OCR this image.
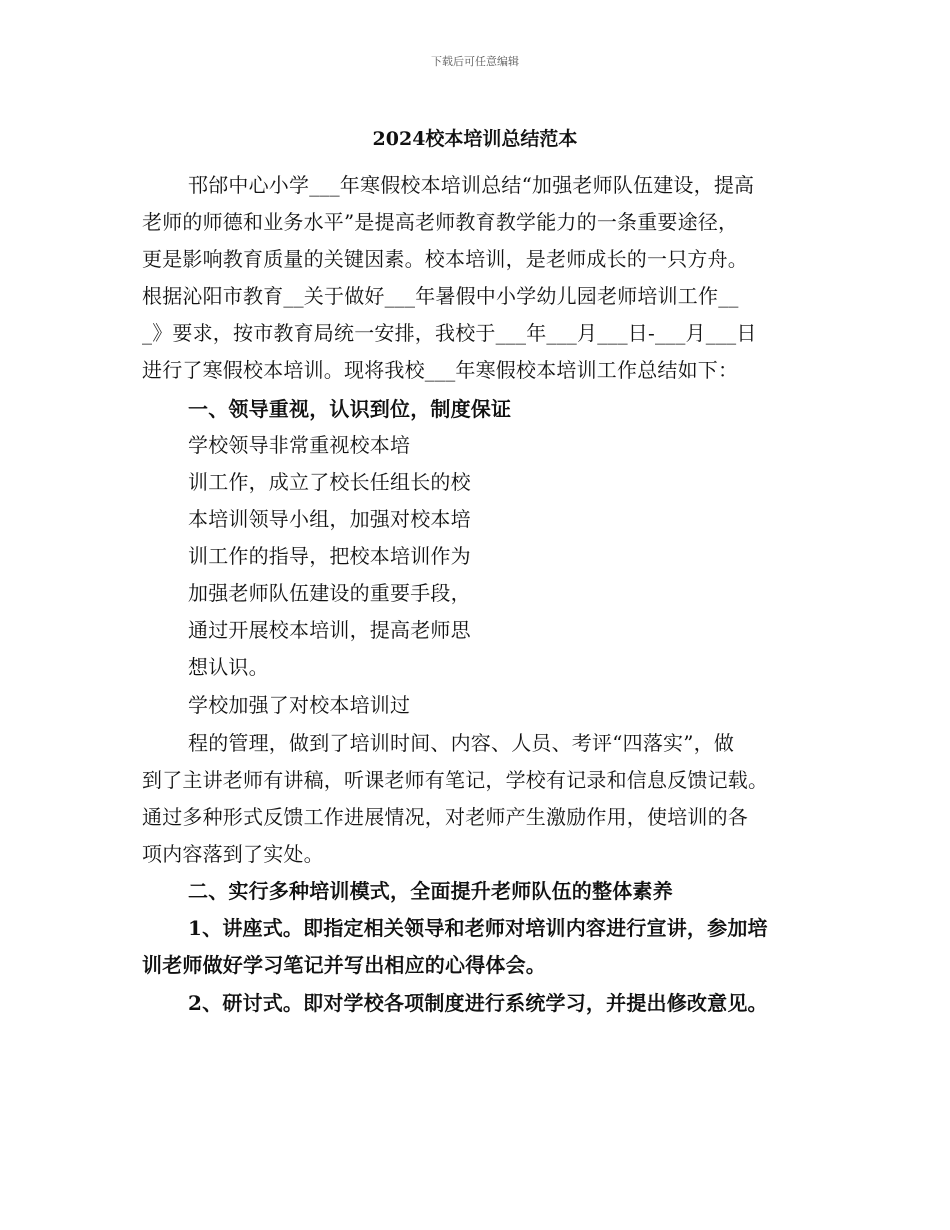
下载后可任意编辑
2024校本培训总结范本
邗邰中心小学___年寒假校本培训总结“加强老师队伍建设，提高
老师的师德和业务水平”是提高老师教育教学能力的一条重要途径，
更是影响教育质量的关键因素。校本培训，是老师成长的一只方舟。
根据沁阳市教育__关于做好___年暑假中小学幼儿园老师培训工作__
_》要求，按市教育局统一安排，我校于___年___月___日-___月___日
进行了寒假校本培训。现将我校___年寒假校本培训工作总结如下：
一、领导重视，认识到位，制度保证
学校领导非常重视校本培
训工作，成立了校长任组长的校
本培训领导小组，加强对校本培
训工作的指导，把校本培训作为
加强老师队伍建设的重要手段，
通过开展校本培训，提高老师思
想认识。
学校加强了对校本培训过
程的管理，做到了培训时间、内容、人员、考评“四落实”，做
到了主讲老师有讲稿，听课老师有笔记，学校有记录和信息反馈记载。
通过多种形式反馈工作进展情况，对老师产生激励作用，使培训的各
项内容落到了实处。
二、实行多种培训模式，全面提升老师队伍的整体素养
1、讲座式。即指定相关领导和老师对培训内容进行宣讲，参加培
训老师做好学习笔记并写出相应的心得体会。
2、研讨式。即对学校各项制度进行系统学习，并提出修改意见。
